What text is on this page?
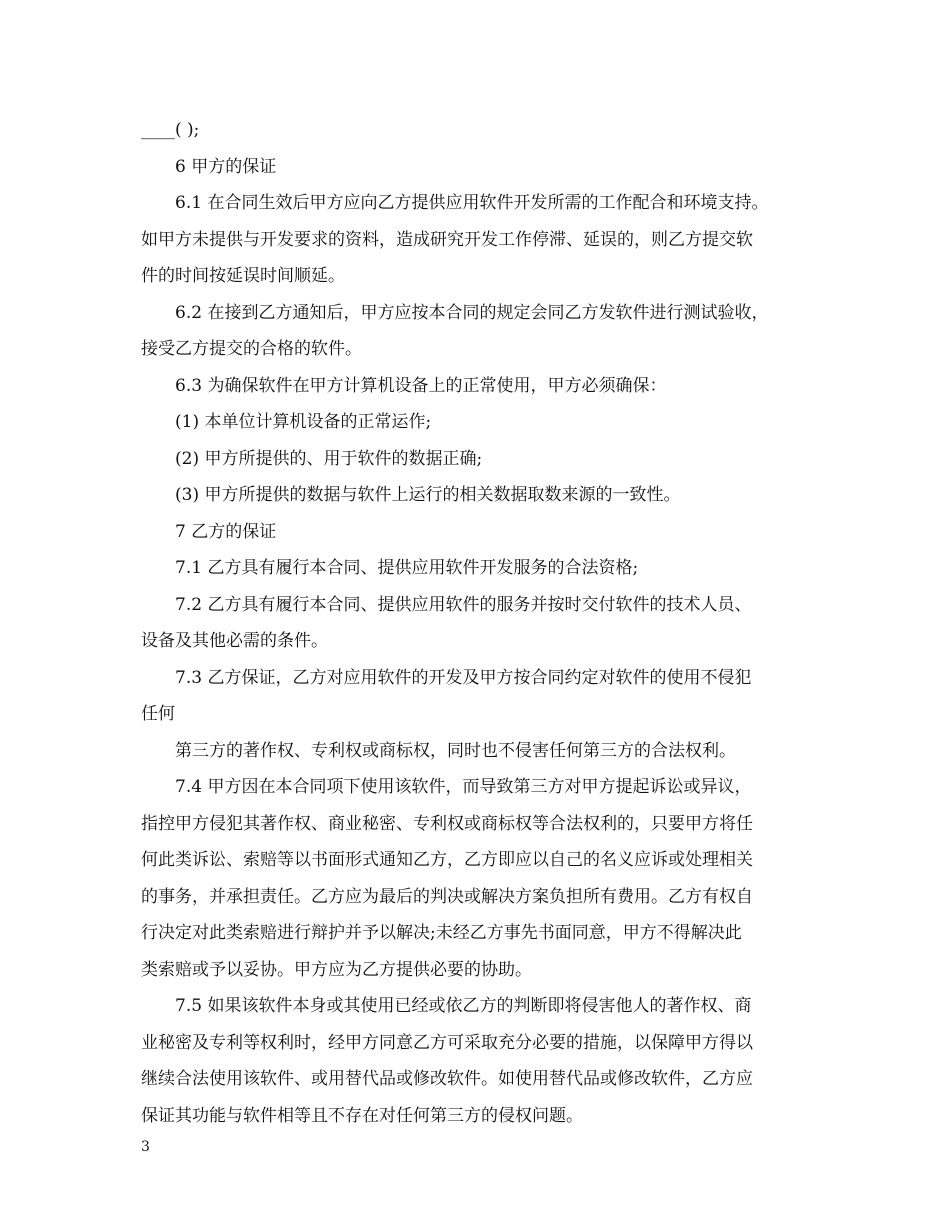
____( );
6 甲方的保证
6.1 在合同生效后甲方应向乙方提供应用软件开发所需的工作配合和环境支持。
如甲方未提供与开发要求的资料，造成研究开发工作停滞、延误的，则乙方提交软
件的时间按延误时间顺延。
6.2 在接到乙方通知后，甲方应按本合同的规定会同乙方发软件进行测试验收，
接受乙方提交的合格的软件。
6.3 为确保软件在甲方计算机设备上的正常使用，甲方必须确保：
(1) 本单位计算机设备的正常运作;
(2) 甲方所提供的、用于软件的数据正确;
(3) 甲方所提供的数据与软件上运行的相关数据取数来源的一致性。
7 乙方的保证
7.1 乙方具有履行本合同、提供应用软件开发服务的合法资格;
7.2 乙方具有履行本合同、提供应用软件的服务并按时交付软件的技术人员、
设备及其他必需的条件。
7.3 乙方保证，乙方对应用软件的开发及甲方按合同约定对软件的使用不侵犯
任何
第三方的著作权、专利权或商标权，同时也不侵害任何第三方的合法权利。
7.4 甲方因在本合同项下使用该软件，而导致第三方对甲方提起诉讼或异议，
指控甲方侵犯其著作权、商业秘密、专利权或商标权等合法权利的，只要甲方将任
何此类诉讼、索赔等以书面形式通知乙方，乙方即应以自己的名义应诉或处理相关
的事务，并承担责任。乙方应为最后的判决或解决方案负担所有费用。乙方有权自
行决定对此类索赔进行辩护并予以解决;未经乙方事先书面同意，甲方不得解决此
类索赔或予以妥协。甲方应为乙方提供必要的协助。
7.5 如果该软件本身或其使用已经或依乙方的判断即将侵害他人的著作权、商
业秘密及专利等权利时，经甲方同意乙方可采取充分必要的措施，以保障甲方得以
继续合法使用该软件、或用替代品或修改软件。如使用替代品或修改软件，乙方应
保证其功能与软件相等且不存在对任何第三方的侵权问题。
3
